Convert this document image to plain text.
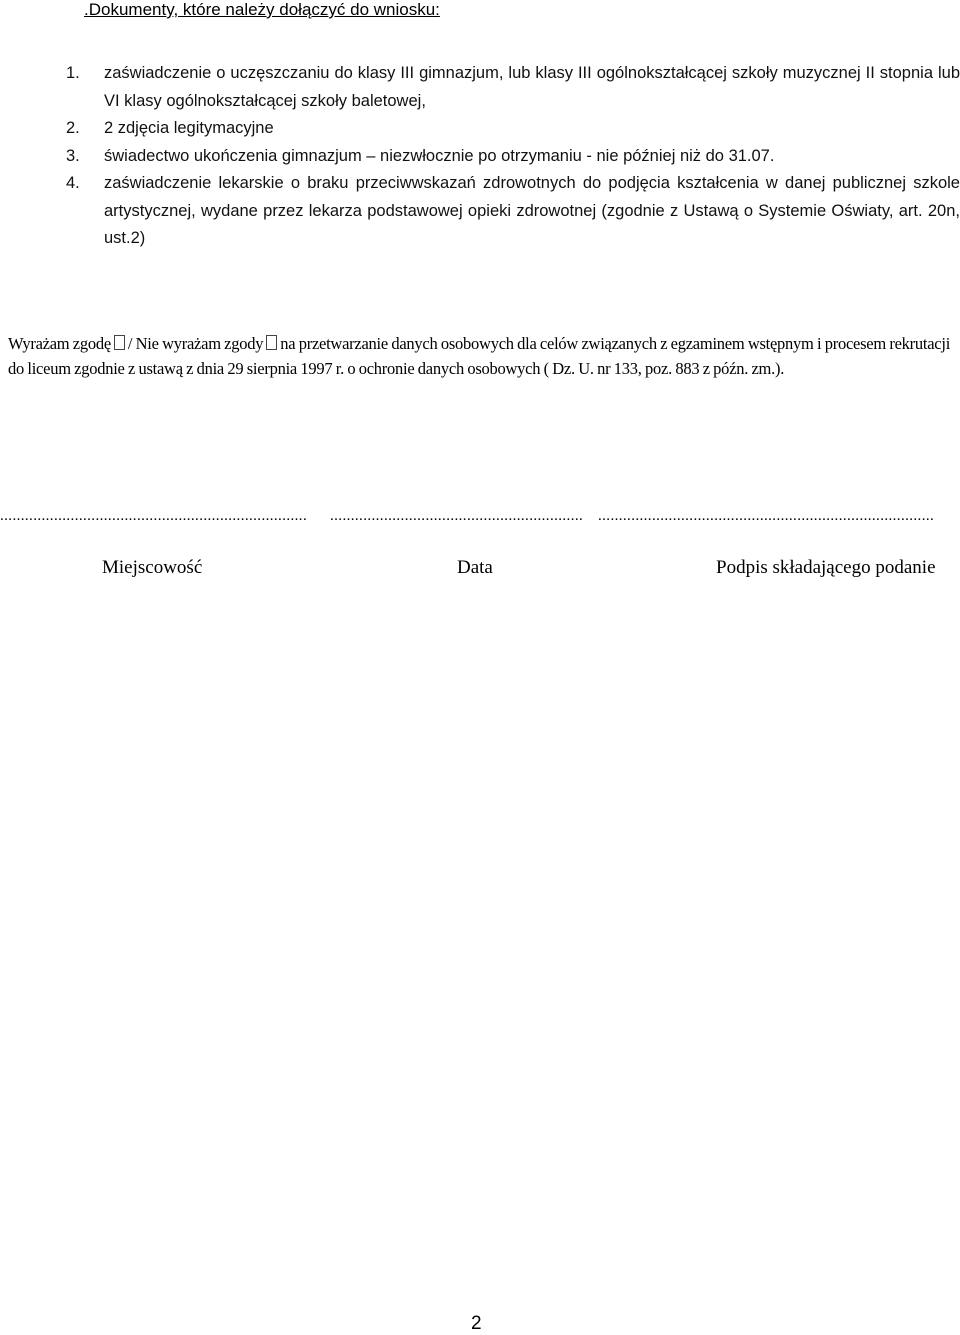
.Dokumenty, które należy dołączyć do wniosku:
1. zaświadczenie o uczęszczaniu do klasy III gimnazjum, lub klasy III ogólnokształcącej szkoły muzycznej II stopnia lub VI klasy ogólnokształcącej szkoły baletowej,
2. 2 zdjęcia legitymacyjne
3. świadectwo ukończenia gimnazjum – niezwłocznie po otrzymaniu - nie później niż do 31.07.
4. zaświadczenie lekarskie o braku przeciwwskazań zdrowotnych do podjęcia kształcenia w danej publicznej szkole artystycznej, wydane przez lekarza podstawowej opieki zdrowotnej (zgodnie z Ustawą o Systemie Oświaty, art. 20n, ust.2)
Wyrażam zgodę / Nie wyrażam zgody na przetwarzanie danych osobowych dla celów związanych z egzaminem wstępnym i procesem rekrutacji do liceum zgodnie z ustawą z dnia 29 sierpnia 1997 r. o ochronie danych osobowych ( Dz. U. nr 133, poz. 883 z późn. zm.).
..........................................................................	............................................................. .................................................................................
Miejscowość	Data	Podpis składającego podanie
2
